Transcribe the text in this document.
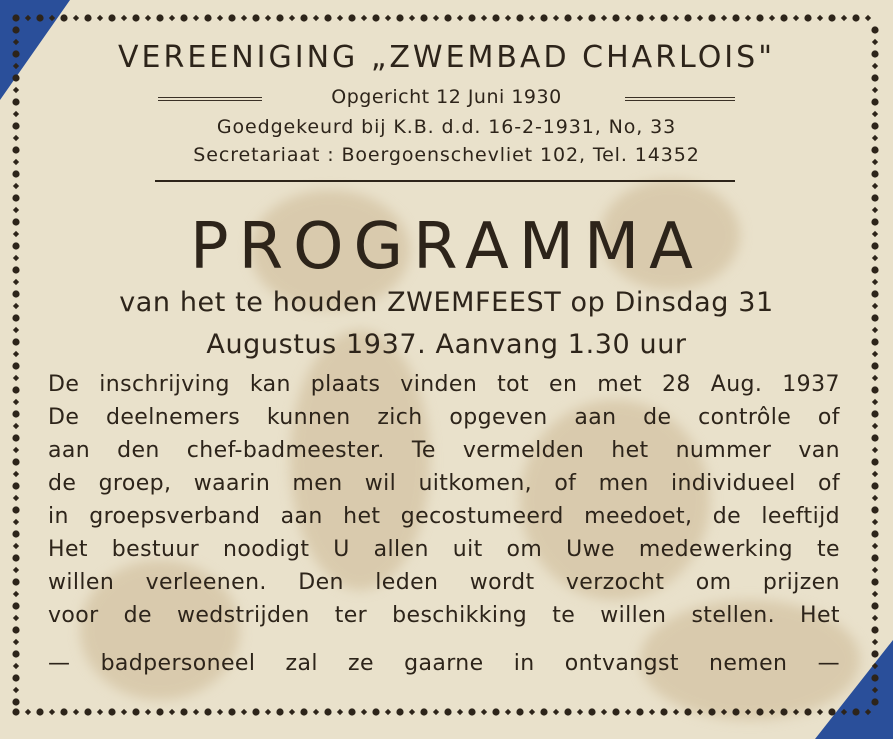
VEREENIGING „ZWEMBAD CHARLOIS"
Opgericht 12 Juni 1930
Goedgekeurd bij K.B. d.d. 16-2-1931, No, 33
Secretariaat : Boergoenschevliet 102, Tel. 14352
PROGRAMMA
van het te houden ZWEMFEEST op Dinsdag 31
Augustus 1937. Aanvang 1.30 uur
De inschrijving kan plaats vinden tot en met 28 Aug. 1937
De deelnemers kunnen zich opgeven aan de contrôle of
aan den chef-badmeester. Te vermelden het nummer van
de groep, waarin men wil uitkomen, of men individueel of
in groepsverband aan het gecostumeerd meedoet, de leeftijd
Het bestuur noodigt U allen uit om Uwe medewerking te
willen verleenen. Den leden wordt verzocht om prijzen
voor de wedstrijden ter beschikking te willen stellen. Het
— badpersoneel zal ze gaarne in ontvangst nemen —
